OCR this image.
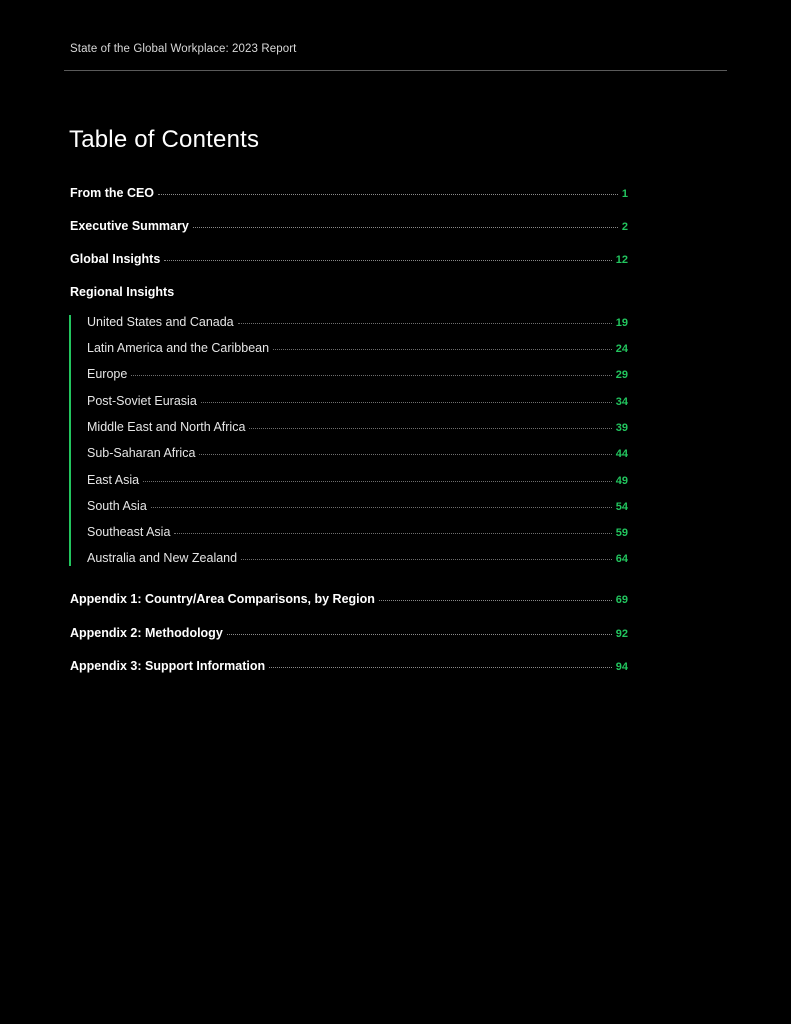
State of the Global Workplace: 2023 Report
Table of Contents
From the CEO	1
Executive Summary	2
Global Insights	12
Regional Insights
United States and Canada	19
Latin America and the Caribbean	24
Europe	29
Post-Soviet Eurasia	34
Middle East and North Africa	39
Sub-Saharan Africa	44
East Asia	49
South Asia	54
Southeast Asia	59
Australia and New Zealand	64
Appendix 1: Country/Area Comparisons, by Region	69
Appendix 2: Methodology	92
Appendix 3: Support Information	94
